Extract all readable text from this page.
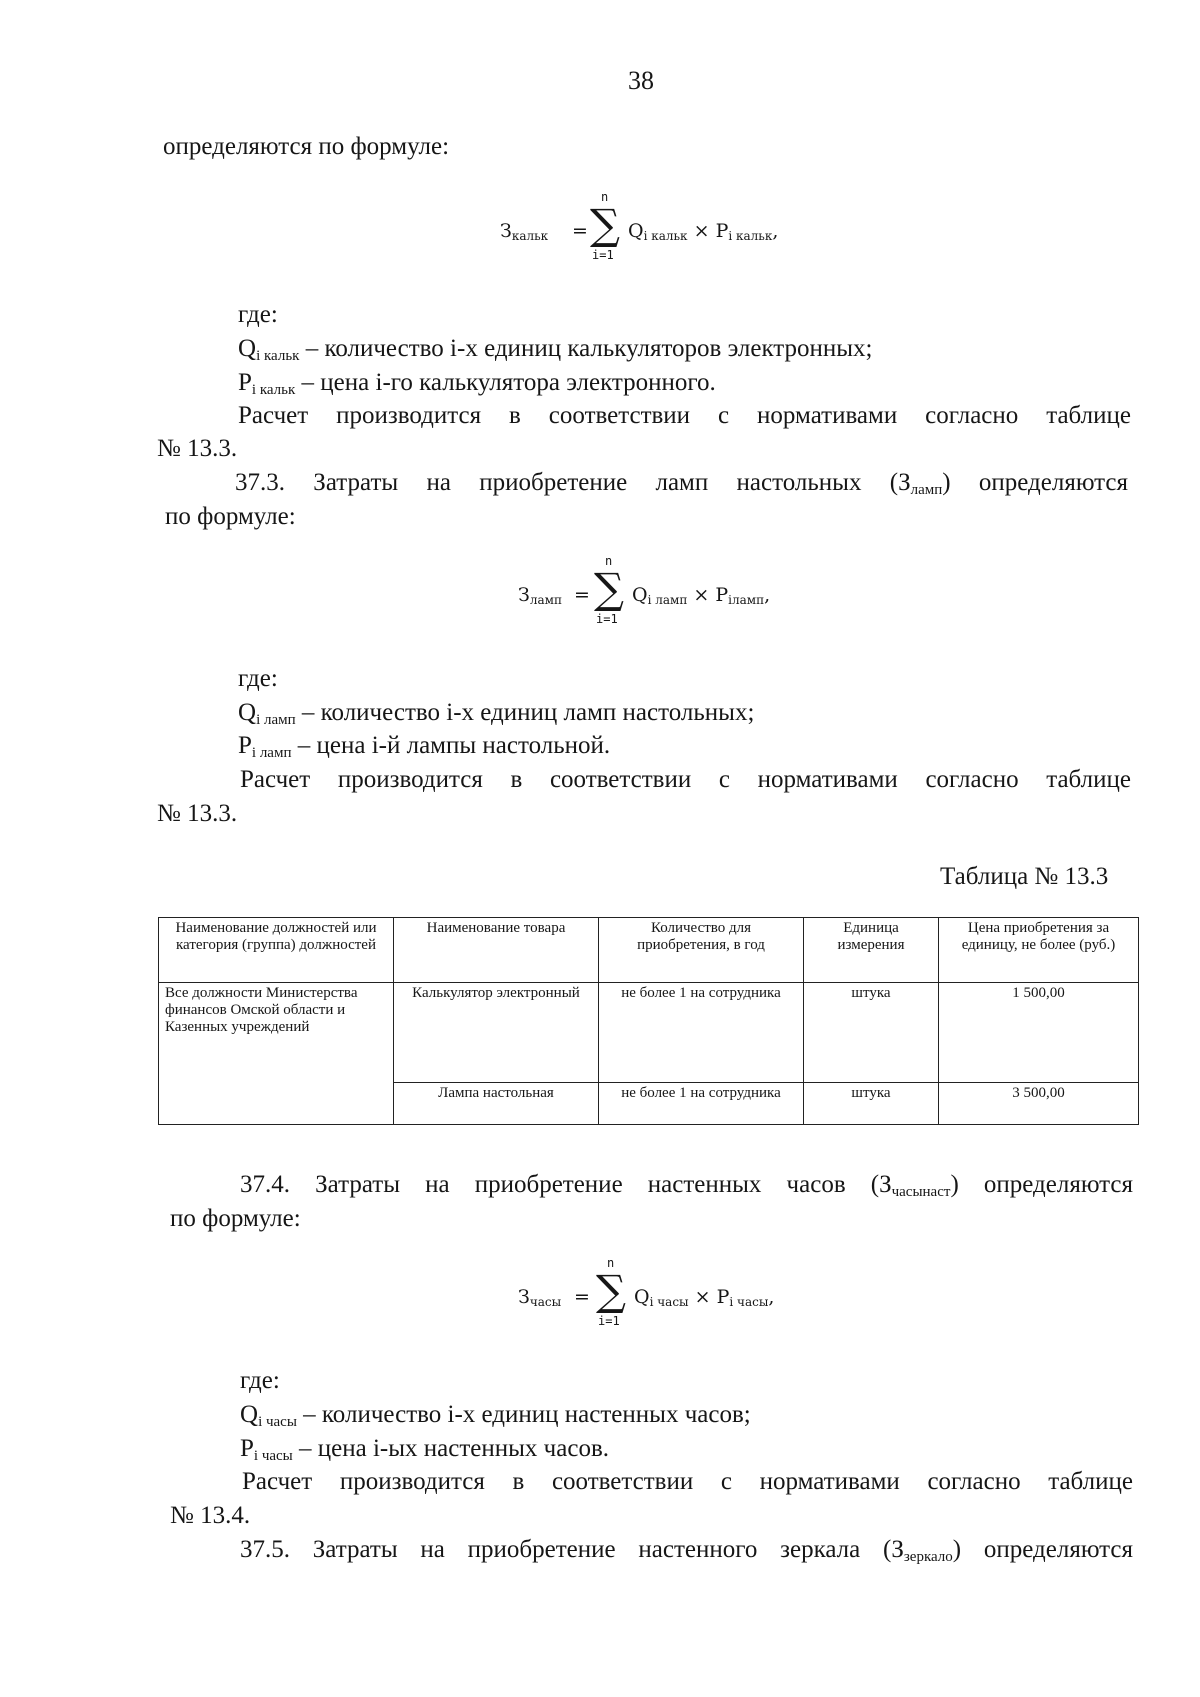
38
определяются по формуле:
$З_{кальк}$ =
n
∑
i=1
$Q_{i кальк} \times P_{i кальк}$,
где:
Qi кальк – количество i-х единиц калькуляторов электронных;
Pi кальк – цена i-го калькулятора электронного.
Расчет производится в соответствии с нормативами согласно таблице
№ 13.3.
37.3. Затраты на приобретение ламп настольных (Зламп) определяются
по формуле:
$З_{ламп}$ =
n
∑
i=1
$Q_{i ламп} \times P_{iламп}$,
где:
Qi ламп – количество i-х единиц ламп настольных;
Pi ламп – цена i-й лампы настольной.
Расчет производится в соответствии с нормативами согласно таблице
№ 13.3.
Таблица № 13.3
Наименование должностей или категория (группа) должностей	Наименование товара	Количество для приобретения, в год	Единица измерения	Цена приобретения за единицу, не более (руб.)
Все должности Министерства финансов Омской области и Казенных учреждений	Калькулятор электронный	не более 1 на сотрудника	штука	1 500,00
	Лампа настольная	не более 1 на сотрудника	штука	3 500,00
37.4. Затраты на приобретение настенных часов (Зчасынаст) определяются
по формуле:
$З_{часы}$ =
n
∑
i=1
$Q_{i часы} \times P_{i часы}$,
где:
Qi часы – количество i-х единиц настенных часов;
Pi часы – цена i-ых настенных часов.
Расчет производится в соответствии с нормативами согласно таблице
№ 13.4.
37.5. Затраты на приобретение настенного зеркала (Ззеркало) определяются
